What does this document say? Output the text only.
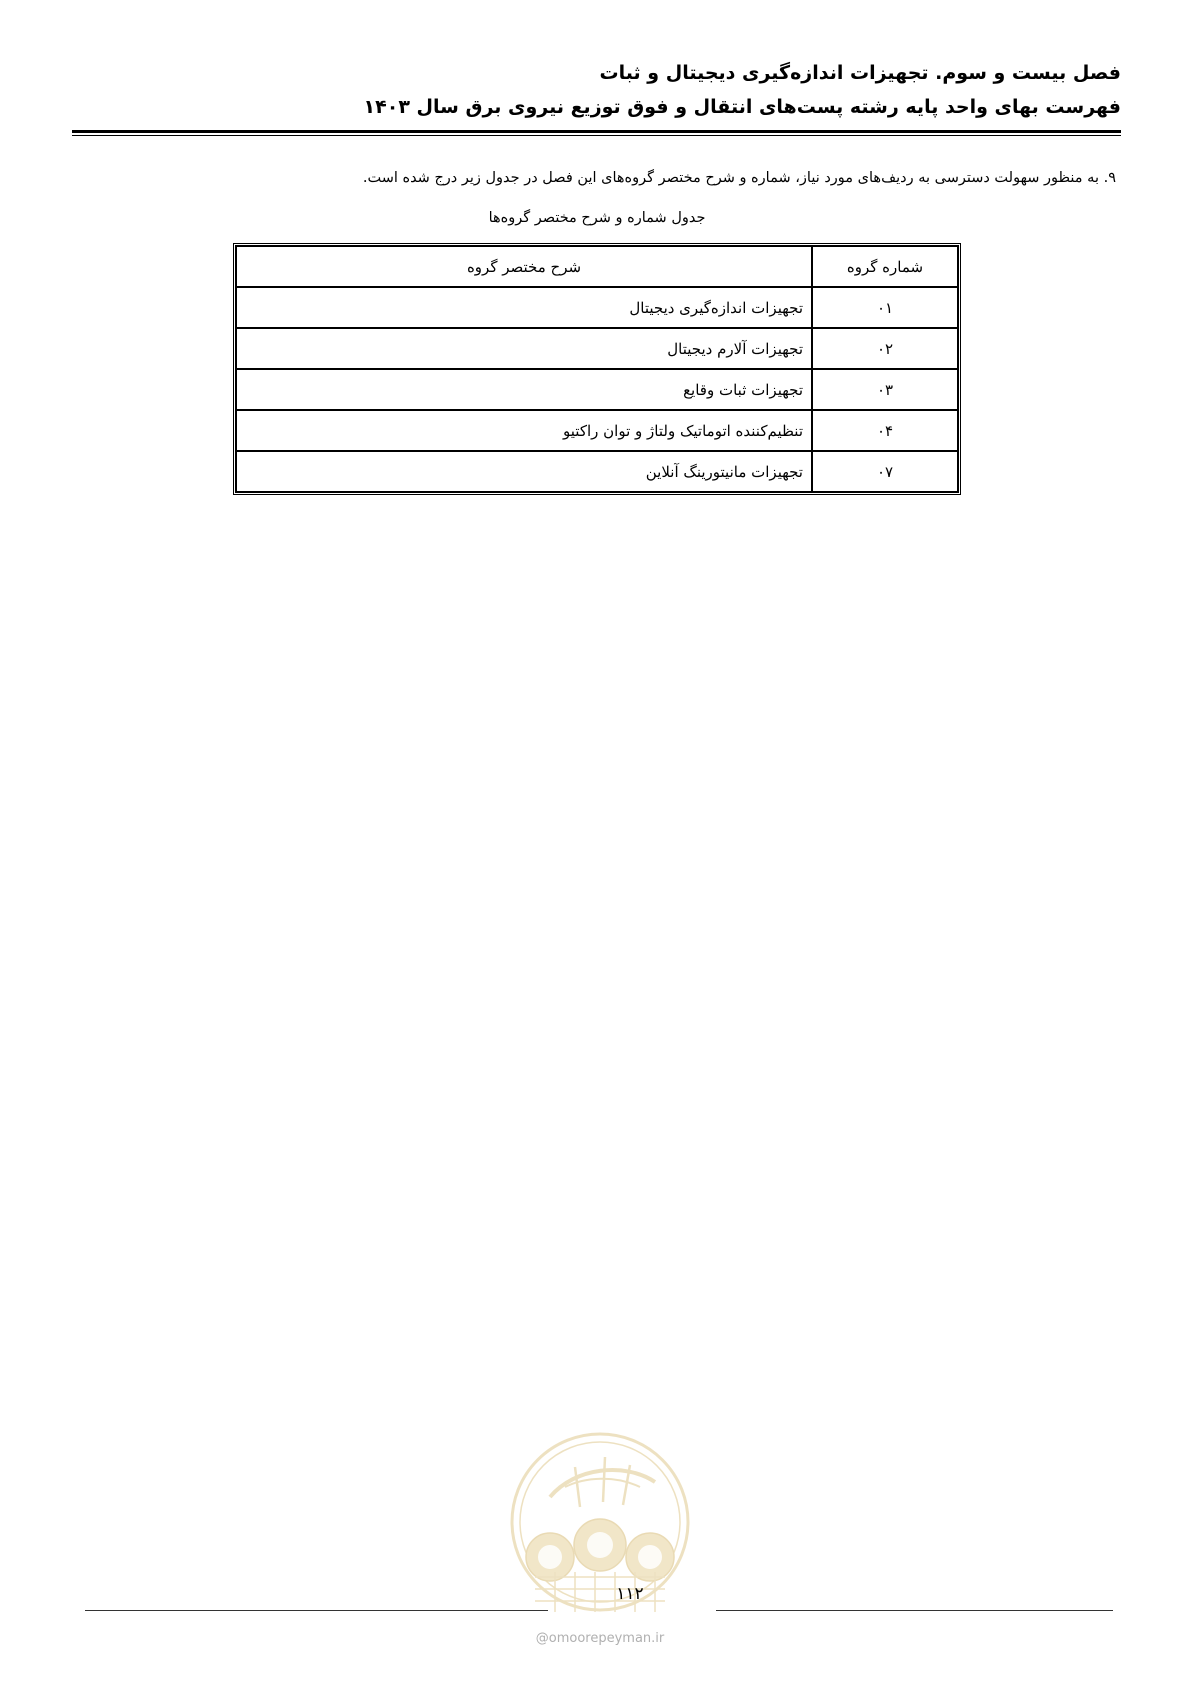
فصل بیست و سوم. تجهیزات اندازه‌گیری دیجیتال و ثبات
فهرست بهای واحد پایه رشته پست‌های انتقال و فوق توزیع نیروی برق سال ۱۴۰۳
۹. به منظور سهولت دسترسی به ردیف‌های مورد نیاز، شماره و شرح مختصر گروه‌های این فصل در جدول زیر درج شده است.
جدول شماره و شرح مختصر گروه‌ها
شماره گروه	شرح مختصر گروه
۰۱	تجهیزات اندازه‌گیری دیجیتال
۰۲	تجهیزات آلارم دیجیتال
۰۳	تجهیزات ثبات وقایع
۰۴	تنظیم‌کننده اتوماتیک ولتاژ و توان راکتیو
۰۷	تجهیزات مانیتورینگ آنلاین
۱۱۲
@omoorepeyman.ir
